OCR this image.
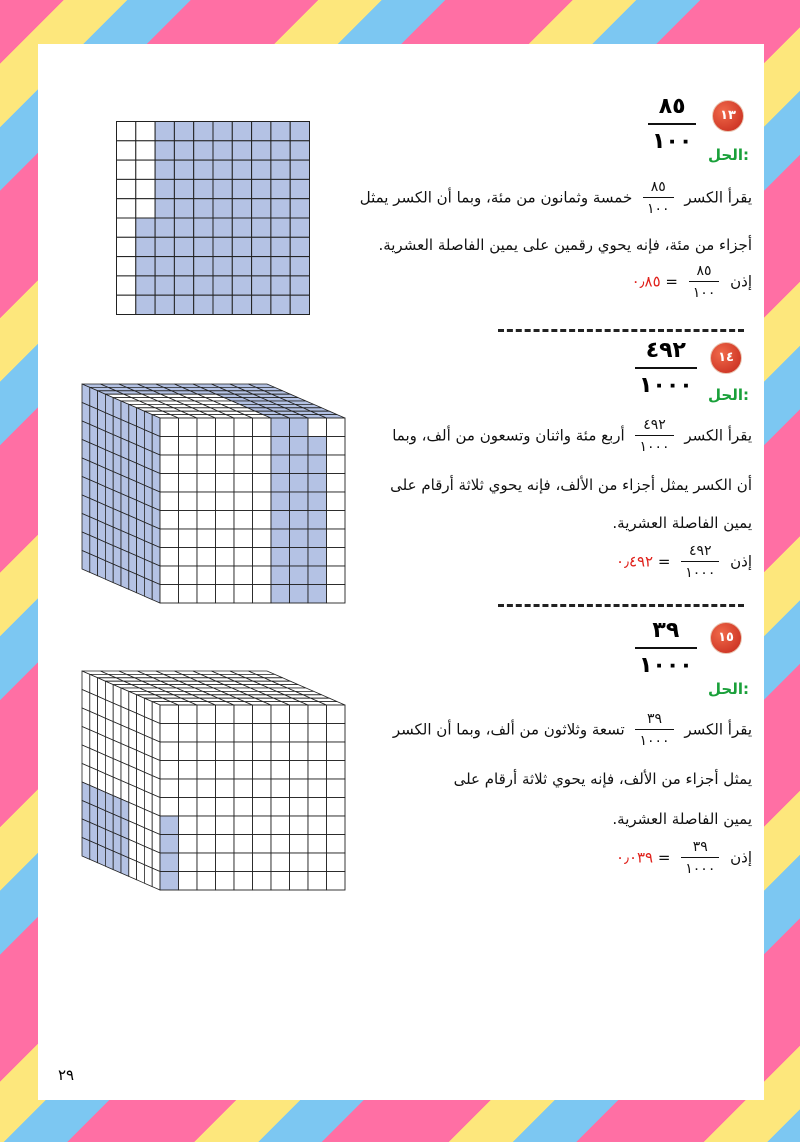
١٣
٨٥
١٠٠
الحل:
يقرأ الكسر
$\frac{٨٥}{١٠٠}$
خمسة وثمانون من مئة، وبما أن الكسر يمثل
أجزاء من مئة، فإنه يحوي رقمين على يمين الفاصلة العشرية.
إذن
$\frac{٨٥}{١٠٠}$
= ٠٫٨٥
١٤
٤٩٢
١٠٠٠ الحل:
يقرأ الكسر
$\frac{٤٩٢}{١٠٠٠}$
أربع مئة واثنان وتسعون من ألف، وبما
أن الكسر يمثل أجزاء من الألف، فإنه يحوي ثلاثة أرقام على
يمين الفاصلة العشرية.
إذن
$\frac{٤٩٢}{١٠٠٠}$
= ٠٫٤٩٢
١٥
٣٩
١٠٠٠
الحل:
يقرأ الكسر
$\frac{٣٩}{١٠٠٠}$
تسعة وثلاثون من ألف، وبما أن الكسر
يمثل أجزاء من الألف، فإنه يحوي ثلاثة أرقام على
يمين الفاصلة العشرية.
إذن
$\frac{٣٩}{١٠٠٠}$
= ٠٫٠٣٩
٢٩
